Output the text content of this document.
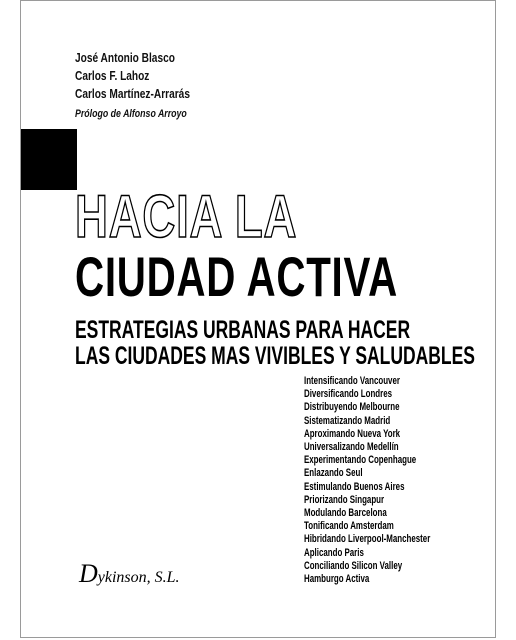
José Antonio Blasco
Carlos F. Lahoz
Carlos Martínez-Arrarás
Prólogo de Alfonso Arroyo
HACIA LA
CIUDAD ACTIVA
ESTRATEGIAS URBANAS PARA HACER
LAS CIUDADES MAS VIVIBLES Y SALUDABLES
Intensificando Vancouver
Diversificando Londres
Distribuyendo Melbourne
Sistematizando Madrid
Aproximando Nueva York
Universalizando Medellín
Experimentando Copenhague
Enlazando Seul
Estimulando Buenos Aires
Priorizando Singapur
Modulando Barcelona
Tonificando Amsterdam
Hibridando Liverpool-Manchester
Aplicando Paris
Conciliando Silicon Valley
Hamburgo Activa
Dykinson, S.L.
